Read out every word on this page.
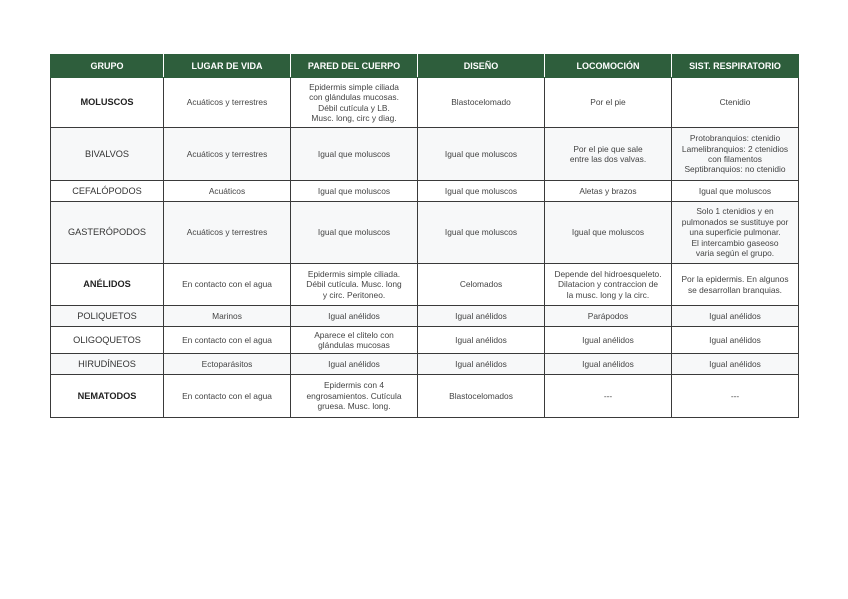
GRUPO	LUGAR DE VIDA	PARED DEL CUERPO	DISEÑO	LOCOMOCIÓN	SIST. RESPIRATORIO
MOLUSCOS	Acuáticos y terrestres	Epidermis simple ciliada
con glándulas mucosas.
Débil cutícula y LB.
Musc. long, circ y diag.	Blastocelomado	Por el pie	Ctenidio
BIVALVOS	Acuáticos y terrestres	Igual que moluscos	Igual que moluscos	Por el pie que sale
entre las dos valvas.	Protobranquios: ctenidio
Lamelibranquios: 2 ctenidios
con filamentos
Septibranquios: no ctenidio
CEFALÓPODOS	Acuáticos	Igual que moluscos	Igual que moluscos	Aletas y brazos	Igual que moluscos
GASTERÓPODOS	Acuáticos y terrestres	Igual que moluscos	Igual que moluscos	Igual que moluscos	Solo 1 ctenidios y en
pulmonados se sustituye por
una superficie pulmonar.
El intercambio gaseoso
varia según el grupo.
ANÉLIDOS	En contacto con el agua	Epidermis simple ciliada.
Débil cutícula. Musc. long
y circ. Peritoneo.	Celomados	Depende del hidroesqueleto.
Dilatacion y contraccion de
la musc. long y la circ.	Por la epidermis. En algunos
se desarrollan branquias.
POLIQUETOS	Marinos	Igual anélidos	Igual anélidos	Parápodos	Igual anélidos
OLIGOQUETOS	En contacto con el agua	Aparece el clitelo con
glándulas mucosas	Igual anélidos	Igual anélidos	Igual anélidos
HIRUDÍNEOS	Ectoparásitos	Igual anélidos	Igual anélidos	Igual anélidos	Igual anélidos
NEMATODOS	En contacto con el agua	Epidermis con 4
engrosamientos. Cutícula
gruesa. Musc. long.	Blastocelomados	---	---
